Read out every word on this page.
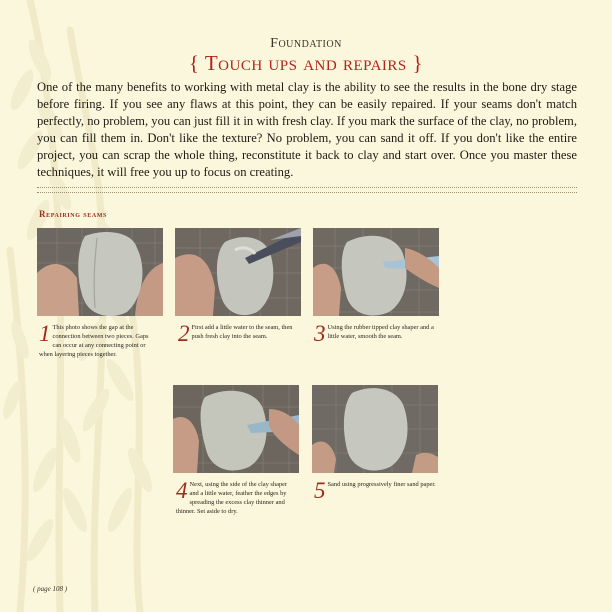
Foundation
{ Touch ups and repairs }

One of the many benefits to working with metal clay is the ability to see the results in the bone dry stage before firing. If you see any flaws at this point, they can be easily repaired. If your seams don't match perfectly, no problem, you can just fill it in with fresh clay. If you mark the surface of the clay, no problem, you can fill them in. Don't like the texture? No problem, you can sand it off. If you don't like the entire project, you can scrap the whole thing, reconstitute it back to clay and start over. Once you master these techniques, it will free you up to focus on creating.

Repairing seams
1 This photo shows the gap at the connection between two pieces. Gaps can occur at any connecting point or when layering pieces together.
2 First add a little water to the seam, then push fresh clay into the seam.	3 Using the rubber tipped clay shaper and a little water, smooth the seam.
4 Next, using the side of the clay shaper and a little water, feather the edges by spreading the excess clay thinner and thinner. Set aside to dry.
5 Sand using progressively finer sand paper.
( page 108 )
